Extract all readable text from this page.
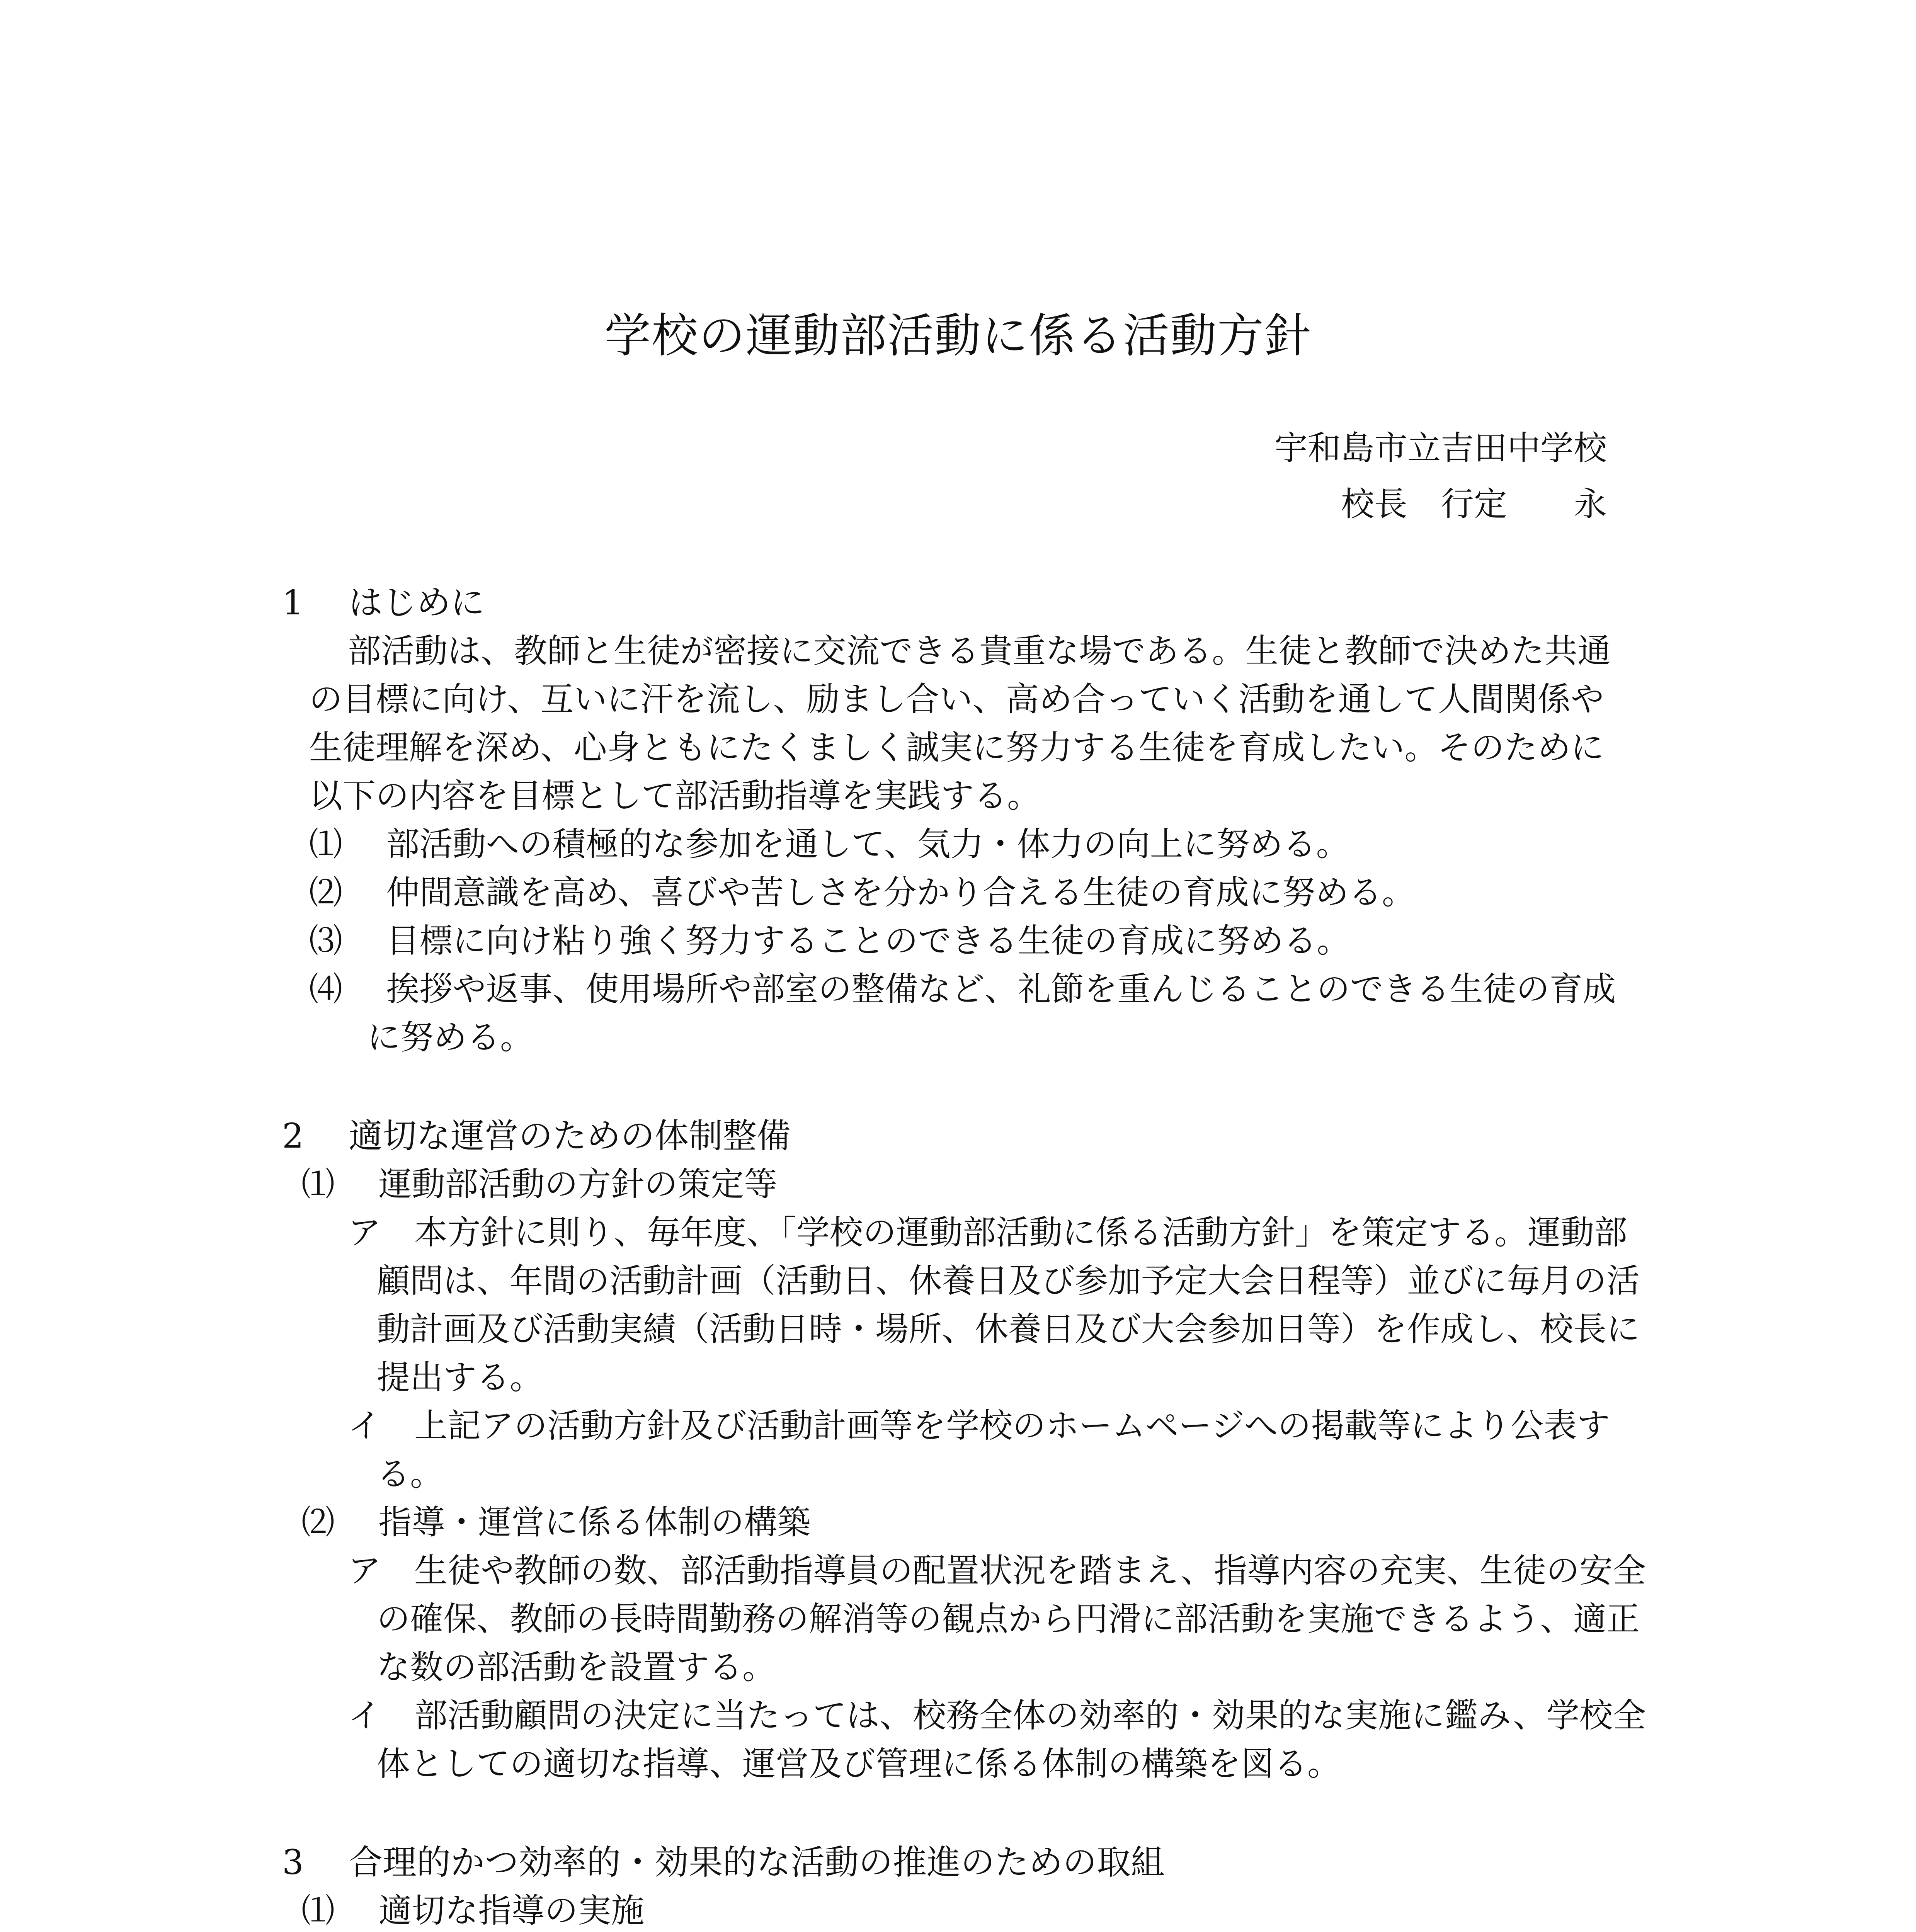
学校の運動部活動に係る活動方針
宇和島市立吉田中学校
校長　行定　　永
1　 はじめに
部活動は、教師と生徒が密接に交流できる貴重な場である。生徒と教師で決めた共通
の目標に向け、互いに汗を流し、励まし合い、高め合っていく活動を通して人間関係や
生徒理解を深め、心身ともにたくましく誠実に努力する生徒を育成したい。そのために
以下の内容を目標として部活動指導を実践する。
⑴　 部活動への積極的な参加を通して、気力・体力の向上に努める。
⑵　 仲間意識を高め、喜びや苦しさを分かり合える生徒の育成に努める。
⑶　 目標に向け粘り強く努力することのできる生徒の育成に努める。
⑷　 挨拶や返事、使用場所や部室の整備など、礼節を重んじることのできる生徒の育成
に努める。
2　 適切な運営のための体制整備
⑴　 運動部活動の方針の策定等
ア　本方針に則り、毎年度、「学校の運動部活動に係る活動方針」を策定する。運動部
顧問は、年間の活動計画（活動日、休養日及び参加予定大会日程等）並びに毎月の活
動計画及び活動実績（活動日時・場所、休養日及び大会参加日等）を作成し、校長に
提出する。
イ　上記アの活動方針及び活動計画等を学校のホームページへの掲載等により公表す
る。
⑵　 指導・運営に係る体制の構築
ア　生徒や教師の数、部活動指導員の配置状況を踏まえ、指導内容の充実、生徒の安全
の確保、教師の長時間勤務の解消等の観点から円滑に部活動を実施できるよう、適正
な数の部活動を設置する。
イ　部活動顧問の決定に当たっては、校務全体の効率的・効果的な実施に鑑み、学校全
体としての適切な指導、運営及び管理に係る体制の構築を図る。
3　 合理的かつ効率的・効果的な活動の推進のための取組
⑴　 適切な指導の実施
